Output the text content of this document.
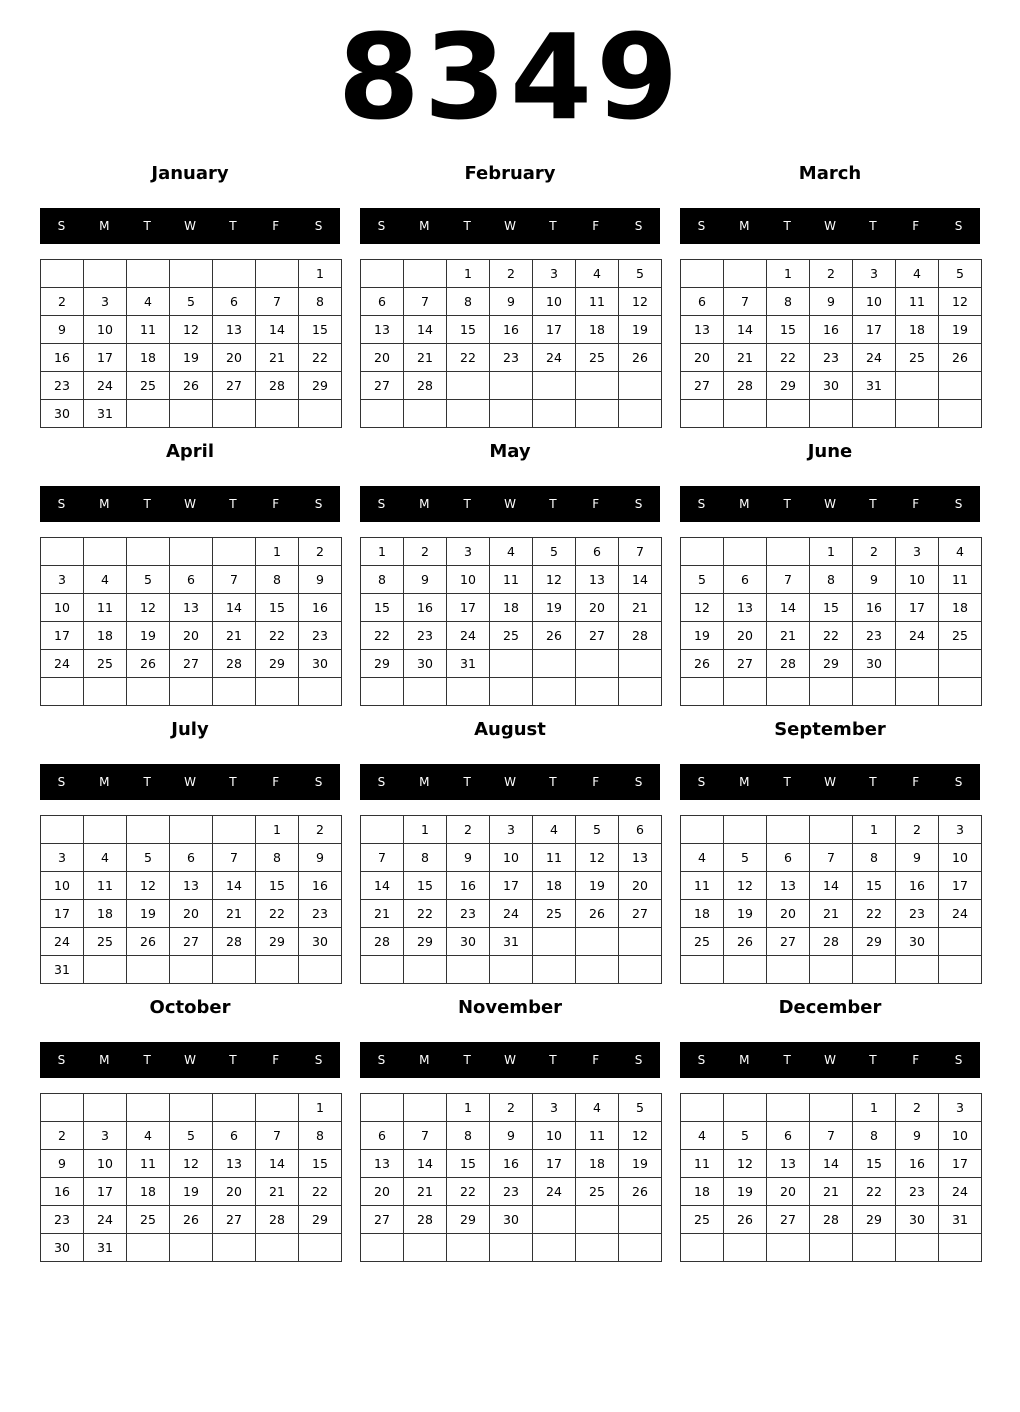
8349
January
S	M	T	W	T	F	S
						1
2	3	4	5	6	7	8
9	10	11	12	13	14	15
16	17	18	19	20	21	22
23	24	25	26	27	28	29
30	31					
February
S	M	T	W	T	F	S
		1	2	3	4	5
6	7	8	9	10	11	12
13	14	15	16	17	18	19
20	21	22	23	24	25	26
27	28					

March
S	M	T	W	T	F	S
		1	2	3	4	5
6	7	8	9	10	11	12
13	14	15	16	17	18	19
20	21	22	23	24	25	26
27	28	29	30	31		

April
S	M	T	W	T	F	S
					1	2
3	4	5	6	7	8	9
10	11	12	13	14	15	16
17	18	19	20	21	22	23
24	25	26	27	28	29	30

May
S	M	T	W	T	F	S
1	2	3	4	5	6	7
8	9	10	11	12	13	14
15	16	17	18	19	20	21
22	23	24	25	26	27	28
29	30	31				

June
S	M	T	W	T	F	S
			1	2	3	4
5	6	7	8	9	10	11
12	13	14	15	16	17	18
19	20	21	22	23	24	25
26	27	28	29	30		

July
S	M	T	W	T	F	S
					1	2
3	4	5	6	7	8	9
10	11	12	13	14	15	16
17	18	19	20	21	22	23
24	25	26	27	28	29	30
31						
August
S	M	T	W	T	F	S
	1	2	3	4	5	6
7	8	9	10	11	12	13
14	15	16	17	18	19	20
21	22	23	24	25	26	27
28	29	30	31			

September
S	M	T	W	T	F	S
				1	2	3
4	5	6	7	8	9	10
11	12	13	14	15	16	17
18	19	20	21	22	23	24
25	26	27	28	29	30	

October
S	M	T	W	T	F	S
						1
2	3	4	5	6	7	8
9	10	11	12	13	14	15
16	17	18	19	20	21	22
23	24	25	26	27	28	29
30	31					
November
S	M	T	W	T	F	S
		1	2	3	4	5
6	7	8	9	10	11	12
13	14	15	16	17	18	19
20	21	22	23	24	25	26
27	28	29	30			

December
S	M	T	W	T	F	S
				1	2	3
4	5	6	7	8	9	10
11	12	13	14	15	16	17
18	19	20	21	22	23	24
25	26	27	28	29	30	31
